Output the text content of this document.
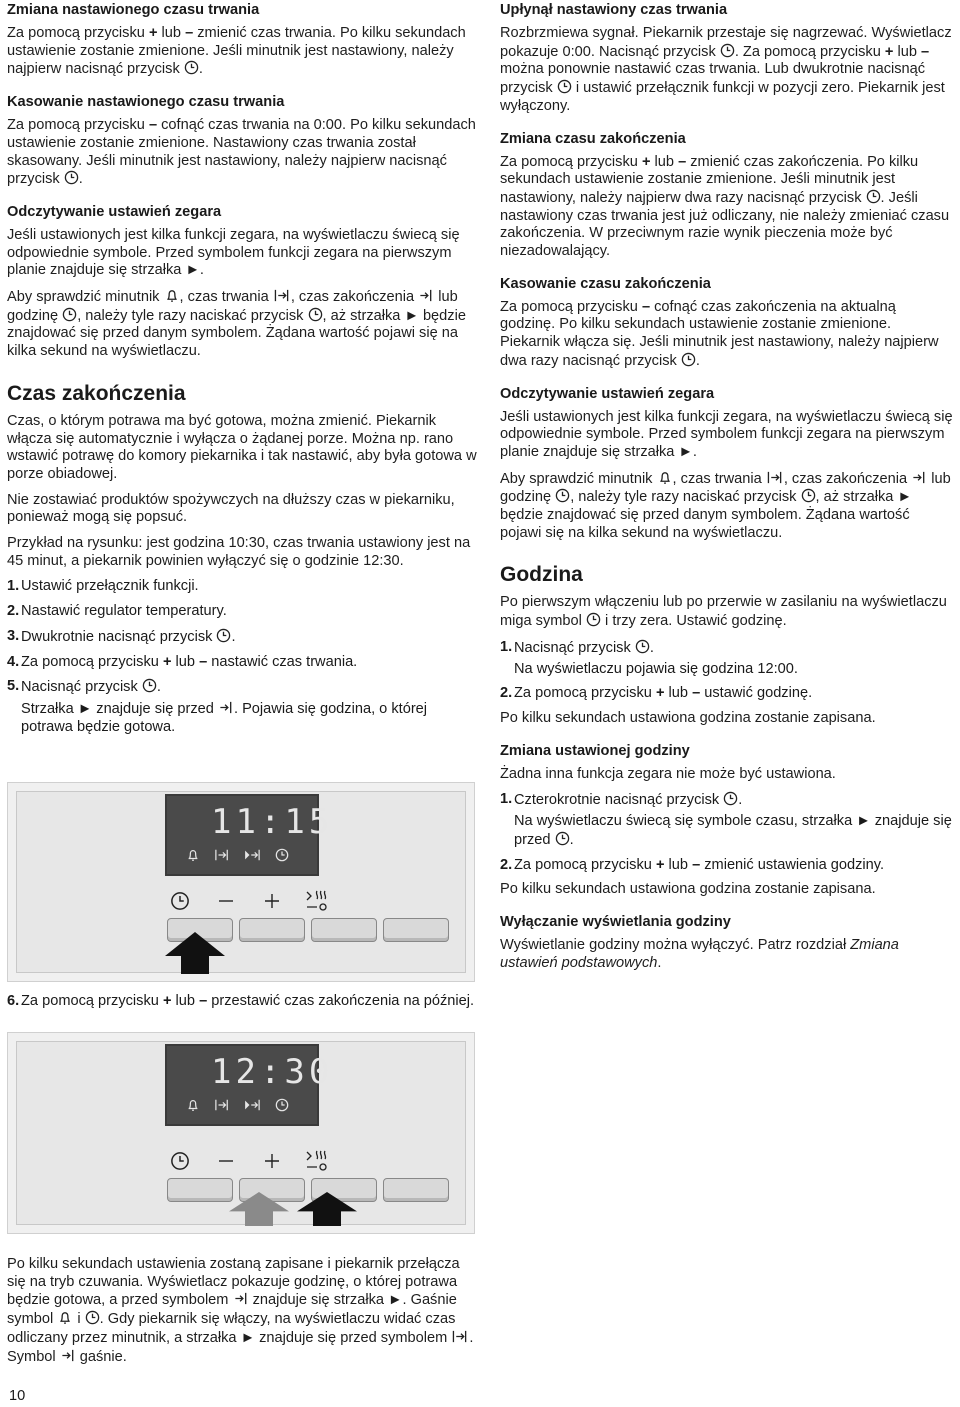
Zmiana nastawionego czasu trwania

Za pomocą przycisku + lub – zmienić czas trwania. Po kilku sekundach ustawienie zostanie zmienione. Jeśli minutnik jest nastawiony, należy najpierw nacisnąć przycisk
.

Kasowanie nastawionego czasu trwania

Za pomocą przycisku – cofnąć czas trwania na 0:00. Po kilku sekundach ustawienie zostanie zmienione. Nastawiony czas trwania został skasowany. Jeśli minutnik jest nastawiony, należy najpierw nacisnąć przycisk
.

Odczytywanie ustawień zegara

Jeśli ustawionych jest kilka funkcji zegara, na wyświetlaczu świecą się odpowiednie symbole. Przed symbolem funkcji zegara na pierwszym planie znajduje się strzałka ►.

Aby sprawdzić minutnik
, czas trwania
, czas zakończenia
lub godzinę
, należy tyle razy naciskać przycisk
, aż strzałka ► będzie znajdować się przed danym symbolem. Żądana wartość pojawi się na kilka sekund na wyświetlaczu.

Czas zakończenia

Czas, o którym potrawa ma być gotowa, można zmienić. Piekarnik włącza się automatycznie i wyłącza o żądanej porze. Można np. rano wstawić potrawę do komory piekarnika i tak nastawić, aby była gotowa w porze obiadowej.

Nie zostawiać produktów spożywczych na dłuższy czas w piekarniku, ponieważ mogą się popsuć.

Przykład na rysunku: jest godzina 10:30, czas trwania ustawiony jest na 45 minut, a piekarnik powinien wyłączyć się o godzinie 12:30.

1. Ustawić przełącznik funkcji.
2. Nastawić regulator temperatury.
3. Dwukrotnie nacisnąć przycisk
.
4. Za pomocą przycisku + lub – nastawić czas trwania.
5. Nacisnąć przycisk
.
Strzałka ► znajduje się przed
. Pojawia się godzina, o której potrawa będzie gotowa.
11:15
6. Za pomocą przycisku + lub – przestawić czas zakończenia na później.
12:30

Po kilku sekundach ustawienia zostaną zapisane i piekarnik przełącza się na tryb czuwania. Wyświetlacz pokazuje godzinę, o której potrawa będzie gotowa, a przed symbolem
znajduje się strzałka ►. Gaśnie symbol
i
. Gdy piekarnik się włączy, na wyświetlaczu widać czas odliczany przez minutnik, a strzałka ► znajduje się przed symbolem
. Symbol
gaśnie.

10
Upłynął nastawiony czas trwania

Rozbrzmiewa sygnał. Piekarnik przestaje się nagrzewać. Wyświetlacz pokazuje 0:00. Nacisnąć przycisk
. Za pomocą przycisku + lub – można ponownie nastawić czas trwania. Lub dwukrotnie nacisnąć przycisk
i ustawić przełącznik funkcji w pozycji zero. Piekarnik jest wyłączony.

Zmiana czasu zakończenia

Za pomocą przycisku + lub – zmienić czas zakończenia. Po kilku sekundach ustawienie zostanie zmienione. Jeśli minutnik jest nastawiony, należy najpierw dwa razy nacisnąć przycisk
. Jeśli nastawiony czas trwania jest już odliczany, nie należy zmieniać czasu zakończenia. W przeciwnym razie wynik pieczenia może być niezadowalający.

Kasowanie czasu zakończenia

Za pomocą przycisku – cofnąć czas zakończenia na aktualną godzinę. Po kilku sekundach ustawienie zostanie zmienione. Piekarnik włącza się. Jeśli minutnik jest nastawiony, należy najpierw dwa razy nacisnąć przycisk
.

Odczytywanie ustawień zegara

Jeśli ustawionych jest kilka funkcji zegara, na wyświetlaczu świecą się odpowiednie symbole. Przed symbolem funkcji zegara na pierwszym planie znajduje się strzałka ►.

Aby sprawdzić minutnik
, czas trwania
, czas zakończenia
lub godzinę
, należy tyle razy naciskać przycisk
, aż strzałka ► będzie znajdować się przed danym symbolem. Żądana wartość pojawi się na kilka sekund na wyświetlaczu.

Godzina

Po pierwszym włączeniu lub po przerwie w zasilaniu na wyświetlaczu miga symbol
i trzy zera. Ustawić godzinę.

1. Nacisnąć przycisk
.
Na wyświetlaczu pojawia się godzina 12:00.
2. Za pomocą przycisku + lub – ustawić godzinę.

Po kilku sekundach ustawiona godzina zostanie zapisana.

Zmiana ustawionej godziny

Żadna inna funkcja zegara nie może być ustawiona.

1. Czterokrotnie nacisnąć przycisk
.
Na wyświetlaczu świecą się symbole czasu, strzałka ► znajduje się przed
.
2. Za pomocą przycisku + lub – zmienić ustawienia godziny.

Po kilku sekundach ustawiona godzina zostanie zapisana.

Wyłączanie wyświetlania godziny

Wyświetlanie godziny można wyłączyć. Patrz rozdział Zmiana ustawień podstawowych.
